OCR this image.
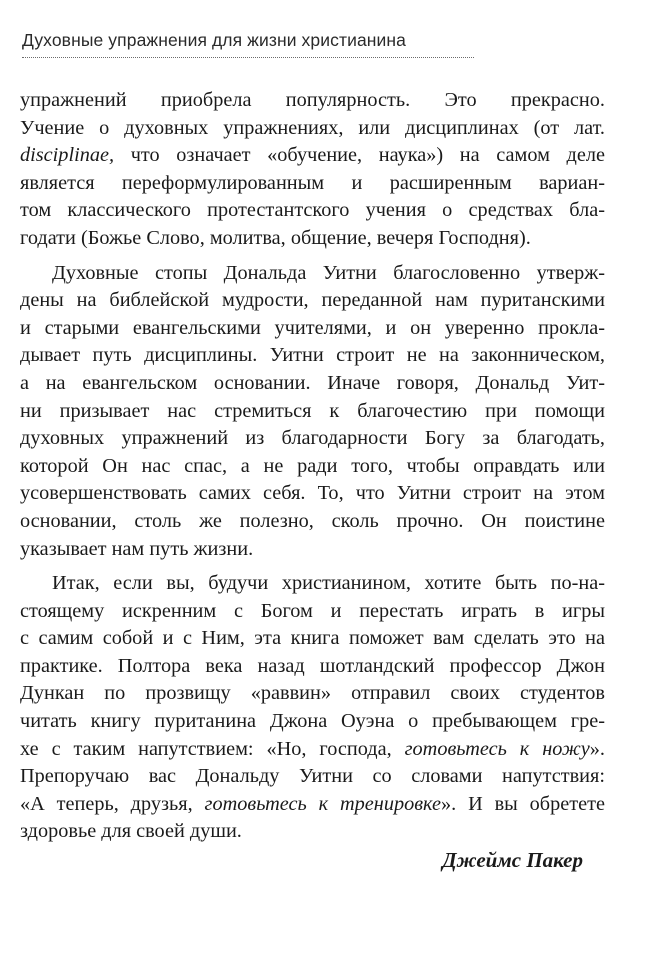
Духовные упражнения для жизни христианина
упражнений приобрела популярность. Это прекрасно.
Учение о духовных упражнениях, или дисциплинах (от лат.
disciplinae, что означает «обучение, наука») на самом деле
является переформулированным и расширенным вариан-
том классического протестантского учения о средствах бла-
годати (Божье Слово, молитва, общение, вечеря Господня).
Духовные стопы Дональда Уитни благословенно утверж-
дены на библейской мудрости, переданной нам пуританскими
и старыми евангельскими учителями, и он уверенно прокла-
дывает путь дисциплины. Уитни строит не на законническом,
а на евангельском основании. Иначе говоря, Дональд Уит-
ни призывает нас стремиться к благочестию при помощи
духовных упражнений из благодарности Богу за благодать,
которой Он нас спас, а не ради того, чтобы оправдать или
усовершенствовать самих себя. То, что Уитни строит на этом
основании, столь же полезно, сколь прочно. Он поистине
указывает нам путь жизни.
Итак, если вы, будучи христианином, хотите быть по-на-
стоящему искренним с Богом и перестать играть в игры
с самим собой и с Ним, эта книга поможет вам сделать это на
практике. Полтора века назад шотландский профессор Джон
Дункан по прозвищу «раввин» отправил своих студентов
читать книгу пуританина Джона Оуэна о пребывающем гре-
хе с таким напутствием: «Но, господа, готовьтесь к ножу».
Препоручаю вас Дональду Уитни со словами напутствия:
«А теперь, друзья, готовьтесь к тренировке». И вы обретете
здоровье для своей души.
Джеймс Пакер
